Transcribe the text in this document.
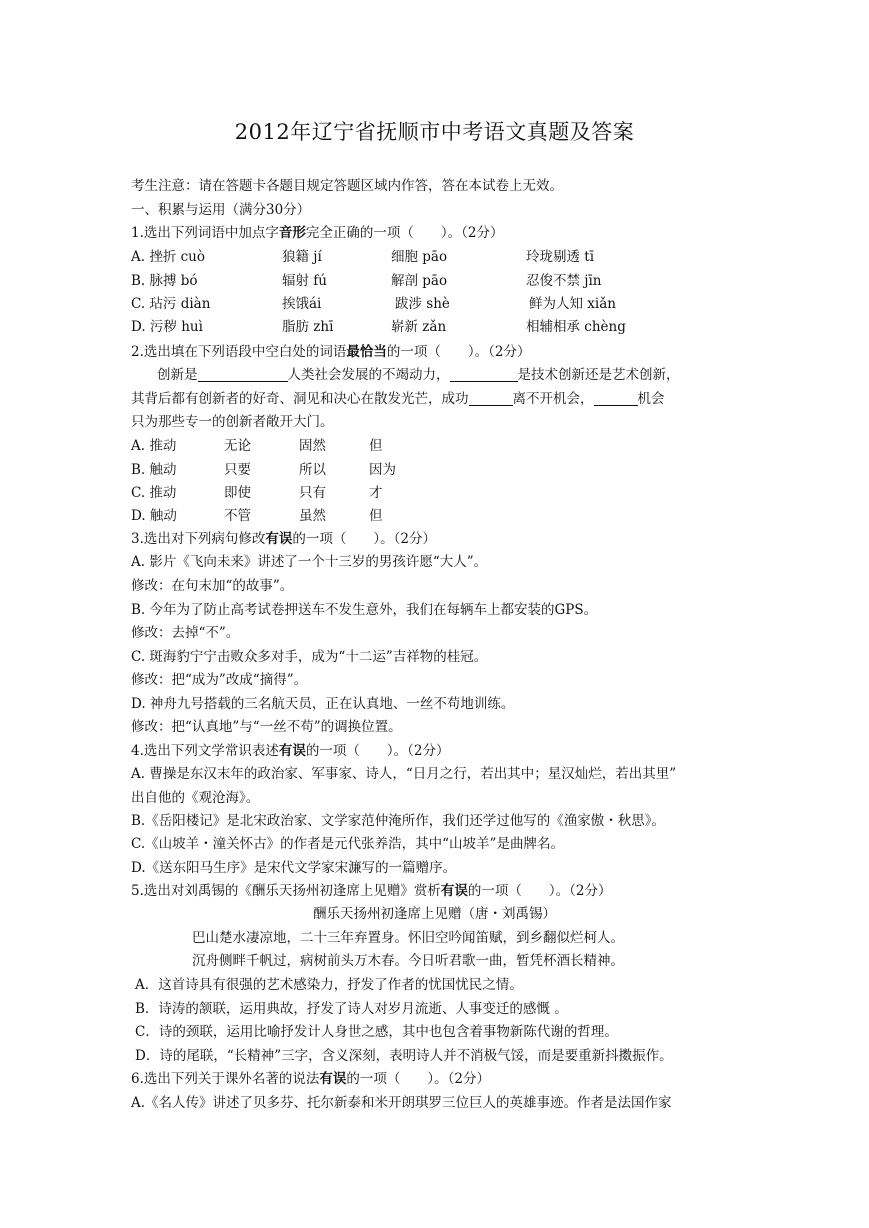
2012年辽宁省抚顺市中考语文真题及答案
考生注意：请在答题卡各题目规定答题区域内作答，答在本试卷上无效。
一、积累与运用（满分30分）
1.选出下列词语中加点字音形完全正确的一项（　　）。（2分）
A. 挫折 cuò	狼籍 jí	细胞 pāo	玲珑剔透 tī
B. 脉搏 bó	辐射 fú	解剖 pāo	忍俊不禁 jīn
C. 玷污 diàn	挨饿ái	跋涉 shè	鲜为人知 xiǎn
D. 污秽 huì	脂肪 zhī	崭新 zǎn	相辅相承 chèng
2.选出填在下列语段中空白处的词语最恰当的一项（　　）。（2分）
创新是	人类社会发展的不竭动力，	是技术创新还是艺术创新，
其背后都有创新者的好奇、洞见和决心在散发光芒，成功	离不开机会，	机会
只为那些专一的创新者敞开大门。
A. 推动	无论	固然	但
B. 触动	只要	所以	因为
C. 推动	即使	只有	才
D. 触动	不管	虽然	但
3.选出对下列病句修改有误的一项（　　）。（2分）
A. 影片《飞向未来》讲述了一个十三岁的男孩许愿“大人”。
修改：在句末加“的故事”。
B. 今年为了防止高考试卷押送车不发生意外，我们在每辆车上都安装的GPS。
修改：去掉“不”。
C. 斑海豹宁宁击败众多对手，成为“十二运”吉祥物的桂冠。
修改：把“成为”改成“摘得”。
D. 神舟九号搭载的三名航天员，正在认真地、一丝不苟地训练。
修改：把“认真地”与“一丝不苟”的调换位置。
4.选出下列文学常识表述有误的一项（　　）。（2分）
A. 曹操是东汉末年的政治家、军事家、诗人，“日月之行，若出其中；星汉灿烂，若出其里”
出自他的《观沧海》。
B.《岳阳楼记》是北宋政治家、文学家范仲淹所作，我们还学过他写的《渔家傲・秋思》。
C.《山坡羊・潼关怀古》的作者是元代张养浩，其中“山坡羊”是曲牌名。
D.《送东阳马生序》是宋代文学家宋濂写的一篇赠序。
5.选出对刘禹锡的《酬乐天扬州初逢席上见赠》赏析有误的一项（　　）。（2分）
酬乐天扬州初逢席上见赠（唐・刘禹锡）
巴山楚水凄凉地，二十三年弃置身。怀旧空吟闻笛赋，到乡翻似烂柯人。
沉舟侧畔千帆过，病树前头万木春。今日听君歌一曲，暂凭杯酒长精神。
A．这首诗具有很强的艺术感染力，抒发了作者的忧国忧民之情。
B．诗涛的颔联，运用典故，抒发了诗人对岁月流逝、人事变迁的感慨 。
C．诗的颈联，运用比喻抒发计人身世之感，其中也包含着事物新陈代谢的哲理。
D．诗的尾联，“长精神”三字，含义深刻，表明诗人并不消极气馁，而是要重新抖擞振作。
6.选出下列关于课外名著的说法有误的一项（　　）。（2分）
A.《名人传》讲述了贝多芬、托尔新泰和米开朗琪罗三位巨人的英雄事迹。作者是法国作家
